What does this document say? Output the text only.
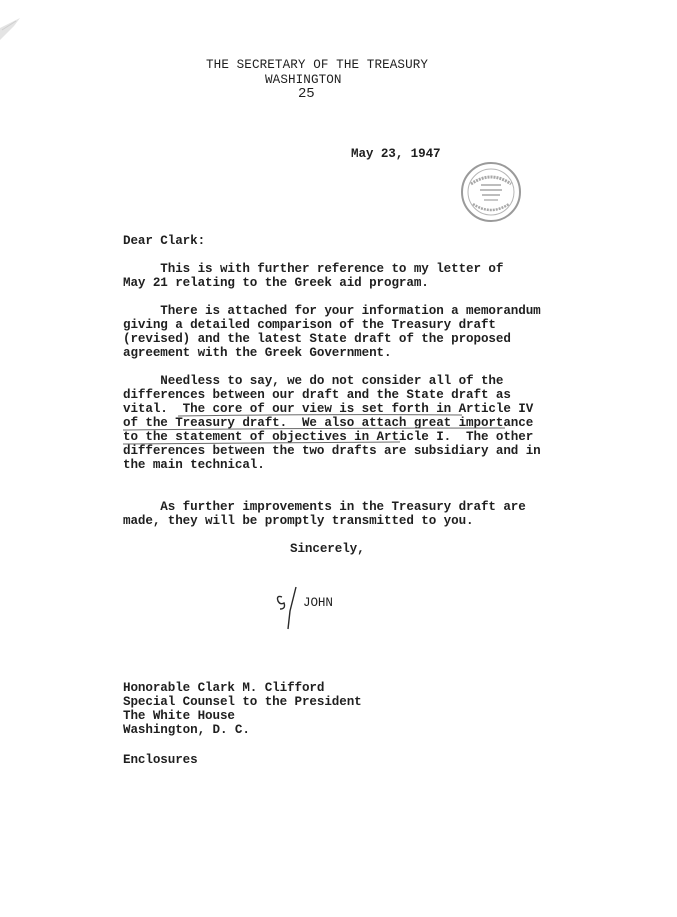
THE SECRETARY OF THE TREASURY
WASHINGTON
25
May 23, 1947
Dear Clark:
This is with further reference to my letter of
May 21 relating to the Greek aid program.
There is attached for your information a memorandum
giving a detailed comparison of the Treasury draft
(revised) and the latest State draft of the proposed
agreement with the Greek Government.
Needless to say, we do not consider all of the
differences between our draft and the State draft as
vital.  The core of our view is set forth in Article IV
of the Treasury draft.  We also attach great importance
to the statement of objectives in Article I.  The other
differences between the two drafts are subsidiary and in
the main technical.
As further improvements in the Treasury draft are
made, they will be promptly transmitted to you.
Sincerely,
JOHN
Honorable Clark M. Clifford
Special Counsel to the President
The White House
Washington, D. C.
Enclosures
